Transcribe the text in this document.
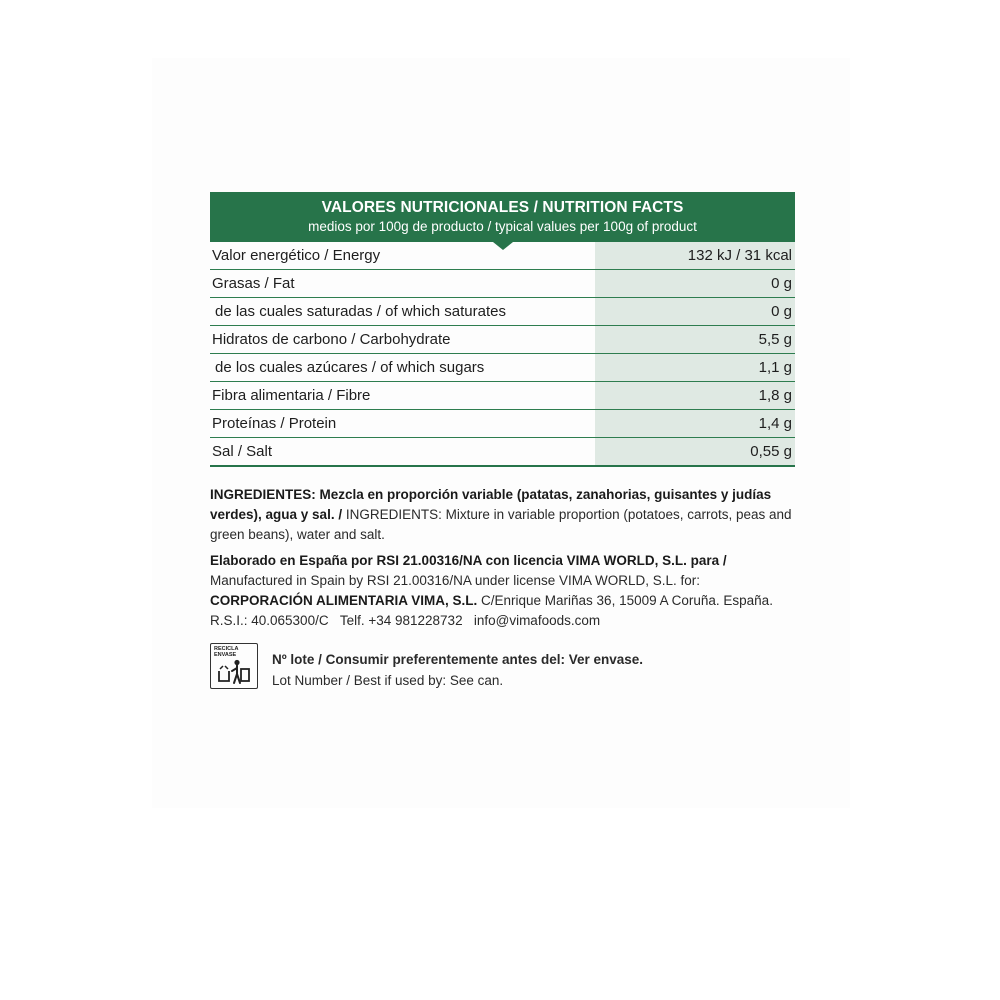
VALORES NUTRICIONALES / NUTRITION FACTS
medios por 100g de producto / typical values per 100g of product
Valor energético / Energy	132 kJ / 31 kcal
Grasas / Fat	0 g
de las cuales saturadas / of which saturates	0 g
Hidratos de carbono / Carbohydrate	5,5 g
de los cuales azúcares / of which sugars	1,1 g
Fibra alimentaria / Fibre	1,8 g
Proteínas / Protein	1,4 g
Sal / Salt	0,55 g

INGREDIENTES: Mezcla en proporción variable (patatas, zanahorias, guisantes y judías verdes), agua y sal. / INGREDIENTS: Mixture in variable proportion (potatoes, carrots, peas and green beans), water and salt.

Elaborado en España por RSI 21.00316/NA con licencia VIMA WORLD, S.L. para /

Manufactured in Spain by RSI 21.00316/NA under license VIMA WORLD, S.L. for:

CORPORACIÓN ALIMENTARIA VIMA, S.L. C/Enrique Mariñas 36, 15009 A Coruña. España.

R.S.I.: 40.065300/C Telf. +34 981228732 info@vimafoods.com

RECICLA
ENVASE	Nº lote / Consumir preferentemente antes del: Ver envase.
Lot Number / Best if used by: See can.
